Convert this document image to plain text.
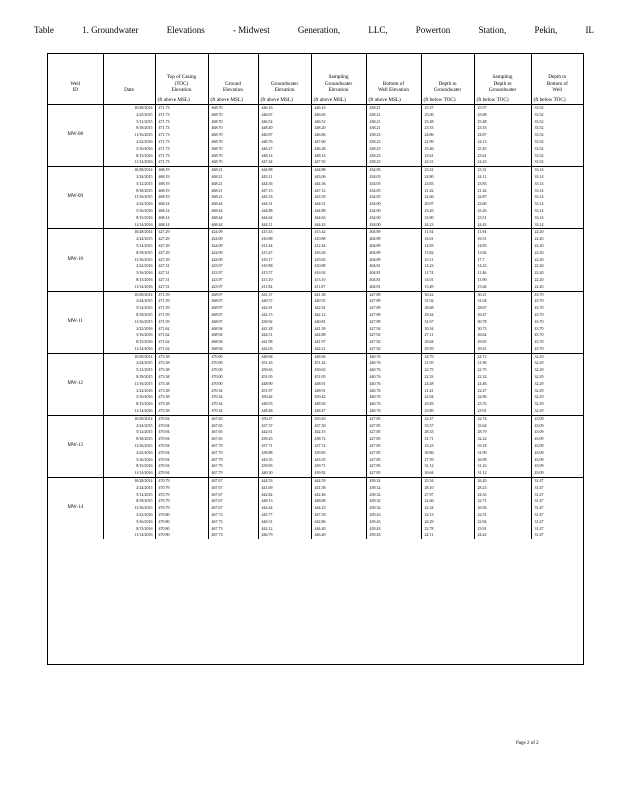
Table	1. Groundwater	Elevations	- Midwest	Generation,	LLC,	Powerton	Station,	Pekin,	IL
Well
ID	Date	Top of Casing
(TOC)
Elevation
(ft above MSL)	Ground
Elevation
(ft above MSL)	Groundwater
Elevation
(ft above MSL)	Sampling
Groundwater
Elevation
(ft above MSL)	Bottom of
Well Elevation
(ft above MSL)	Depth to
Groundwater
(ft below TOC)	Sampling
Depth to
Groundwater
(ft below TOC)	Depth to
Bottom of
Well
(ft below TOC)

MW-08	10/28/2014	471.73	468.70	446.16	446.16	438.21	25.57	25.57	33.52
	2/25/2015	471.73	468.70	446.67	446.65	438.21	25.06	25.08	33.52
	5/11/2015	471.73	468.70	446.52	446.52	438.21	25.48	25.48	33.52
	8/18/2015	471.73	468.70	448.40	448.20	438.21	23.33	23.53	33.52
	11/16/2015	471.73	468.70	446.87	446.86	438.23	24.86	24.87	33.52
	2/22/2016	471.73	468.70	448.76	447.60	438.23	22.99	24.13	33.52
	5/16/2016	471.73	468.70	446.27	446.28	438.23	25.46	25.45	33.52
	8/15/2016	471.73	468.70	448.14	448.14	438.23	23.61	23.61	33.52
	11/14/2016	471.73	468.70	447.44	447.50	438.23	24.31	24.23	33.52
MW-09	10/28/2014	468.19	468.21	444.88	444.88	434.05	23.31	23.31	33.14
	2/24/2015	468.19	468.21	443.11	443.06	434.05	24.80	24.11	33.14
	5/12/2015	468.19	468.21	444.36	444.36	434.05	23.83	23.83	33.14
	8/18/2015	468.19	468.21	447.13	447.12	434.05	21.42	21.42	33.14
	11/16/2015	468.19	468.21	443.33	443.39	434.05	22.66	22.87	33.14
	2/22/2016	468.14	468.44	444.51	444.51	434.00	20.97	23.60	33.14
	5/16/2016	468.14	468.44	444.88	444.88	434.00	23.26	23.26	33.14
	8/15/2016	468.14	468.44	444.64	444.63	434.00	23.90	23.51	33.14
	11/14/2016	468.14	468.44	444.11	444.43	434.00	24.23	24.43	33.14
MW-10	10/28/2014	427.29	424.09	415.43	415.42	404.89	11.54	11.94	22.20
	2/24/2015	427.29	424.09	410.88	410.88	404.89	16.61	16.51	22.20
	5/14/2015	427.29	424.09	412.44	412.44	404.89	14.83	14.83	22.20
	8/18/2015	427.29	424.09	415.47	416.36	404.89	13.82	13.82	22.20
	11/16/2015	427.29	424.09	419.17	419.65	404.89	10.11	17.7	22.20
	2/22/2016	427.31	423.97	410.88	410.88	404.81	14.23	14.23	22.20
	5/16/2016	427.31	423.97	415.57	416.92	404.81	11.74	11.46	22.20
	8/15/2016	427.31	423.97	413.10	413.10	404.81	14.01	13.90	22.20
	11/14/2016	427.31	423.97	411.82	411.87	404.81	15.49	15.64	22.20
MW-11	10/28/2014	471.59	468.97	441.37	441.38	427.89	30.22	30.21	43.70
	2/24/2015	471.59	468.97	440.57	440.55	427.89	31.02	31.04	43.70
	5/12/2015	471.59	468.97	442.91	442.91	427.89	28.68	28.67	43.70
	8/18/2015	471.59	468.97	442.15	442.12	427.89	29.44	29.47	43.70
	11/16/2015	471.59	468.97	439.92	440.81	427.89	31.67	30.78	43.70
	2/22/2016	471.62	468.94	441.28	441.39	427.92	30.34	30.73	43.70
	5/16/2016	471.62	468.94	444.51	444.88	427.92	27.11	26.64	43.70
	8/15/2016	471.62	468.94	441.98	441.97	427.92	29.64	29.65	43.70
	11/14/2016	471.62	468.94	442.03	442.21	427.92	29.59	29.41	43.70
MW-12	10/28/2014	473.38	470.00	448.68	448.66	440.76	24.79	24.72	32.29
	2/24/2015	473.38	470.00	451.43	451.42	440.76	21.95	21.96	32.29
	5/12/2015	473.38	470.00	450.63	450.63	440.76	22.75	22.75	32.29
	8/18/2015	473.38	470.00	451.05	451.05	440.76	22.33	22.32	32.29
	11/16/2015	473.38	470.00	448.90	448.91	440.76	24.48	24.46	32.29
	2/22/2016	473.38	470.34	451.97	448.91	440.76	21.41	22.47	32.29
	5/16/2016	473.38	470.34	450.44	450.42	440.76	22.94	22.96	32.29
	8/15/2016	473.38	470.34	448.53	448.50	440.76	23.83	23.76	32.29
	11/14/2016	473.38	470.34	448.48	448.47	440.76	23.89	23.91	32.29
MW-13	10/28/2014	470.94	467.65	450.47	450.20	427.85	22.47	22.74	43.09
	2/24/2015	470.94	467.65	437.37	437.30	427.85	33.57	33.64	43.09
	5/12/2015	470.94	467.65	442.61	442.15	427.85	28.33	28.79	43.09
	8/18/2015	470.94	467.65	439.23	438.72	427.85	31.71	32.22	43.09
	11/16/2015	470.94	467.79	437.71	437.74	427.85	33.23	33.18	43.09
	2/22/2016	470.94	467.79	439.88	439.85	427.85	30.86	31.09	43.09
	5/16/2016	470.94	467.79	443.35	443.35	427.85	27.59	26.99	43.09
	8/15/2016	470.94	467.79	439.83	439.71	427.85	31.12	31.23	43.09
	11/14/2016	470.94	467.79	440.30	439.82	427.85	30.64	31.12	43.09
MW-14	10/28/2014	470.79	467.67	444.53	444.59	439.32	25.54	26.20	31.47
	2/24/2015	470.79	467.67	441.69	441.58	439.32	28.10	28.23	31.47
	5/12/2015	470.79	467.67	442.82	442.46	439.32	27.97	24.33	31.47
	8/18/2015	470.79	467.67	448.13	448.08	439.32	22.66	22.71	31.47
	11/16/2015	470.79	467.67	444.44	444.23	439.32	22.34	26.56	31.47
	2/22/2016	470.80	467.73	445.77	447.59	439.43	22.13	22.51	31.47
	5/16/2016	470.80	467.73	446.51	442.86	439.43	24.29	22.94	31.47
	8/15/2016	470.80	467.73	442.12	444.40	439.43	22.78	23.91	31.47
	11/14/2016	470.80	467.73	446.79	446.40	439.43	24.11	24.42	31.47
Page 2 of 2
